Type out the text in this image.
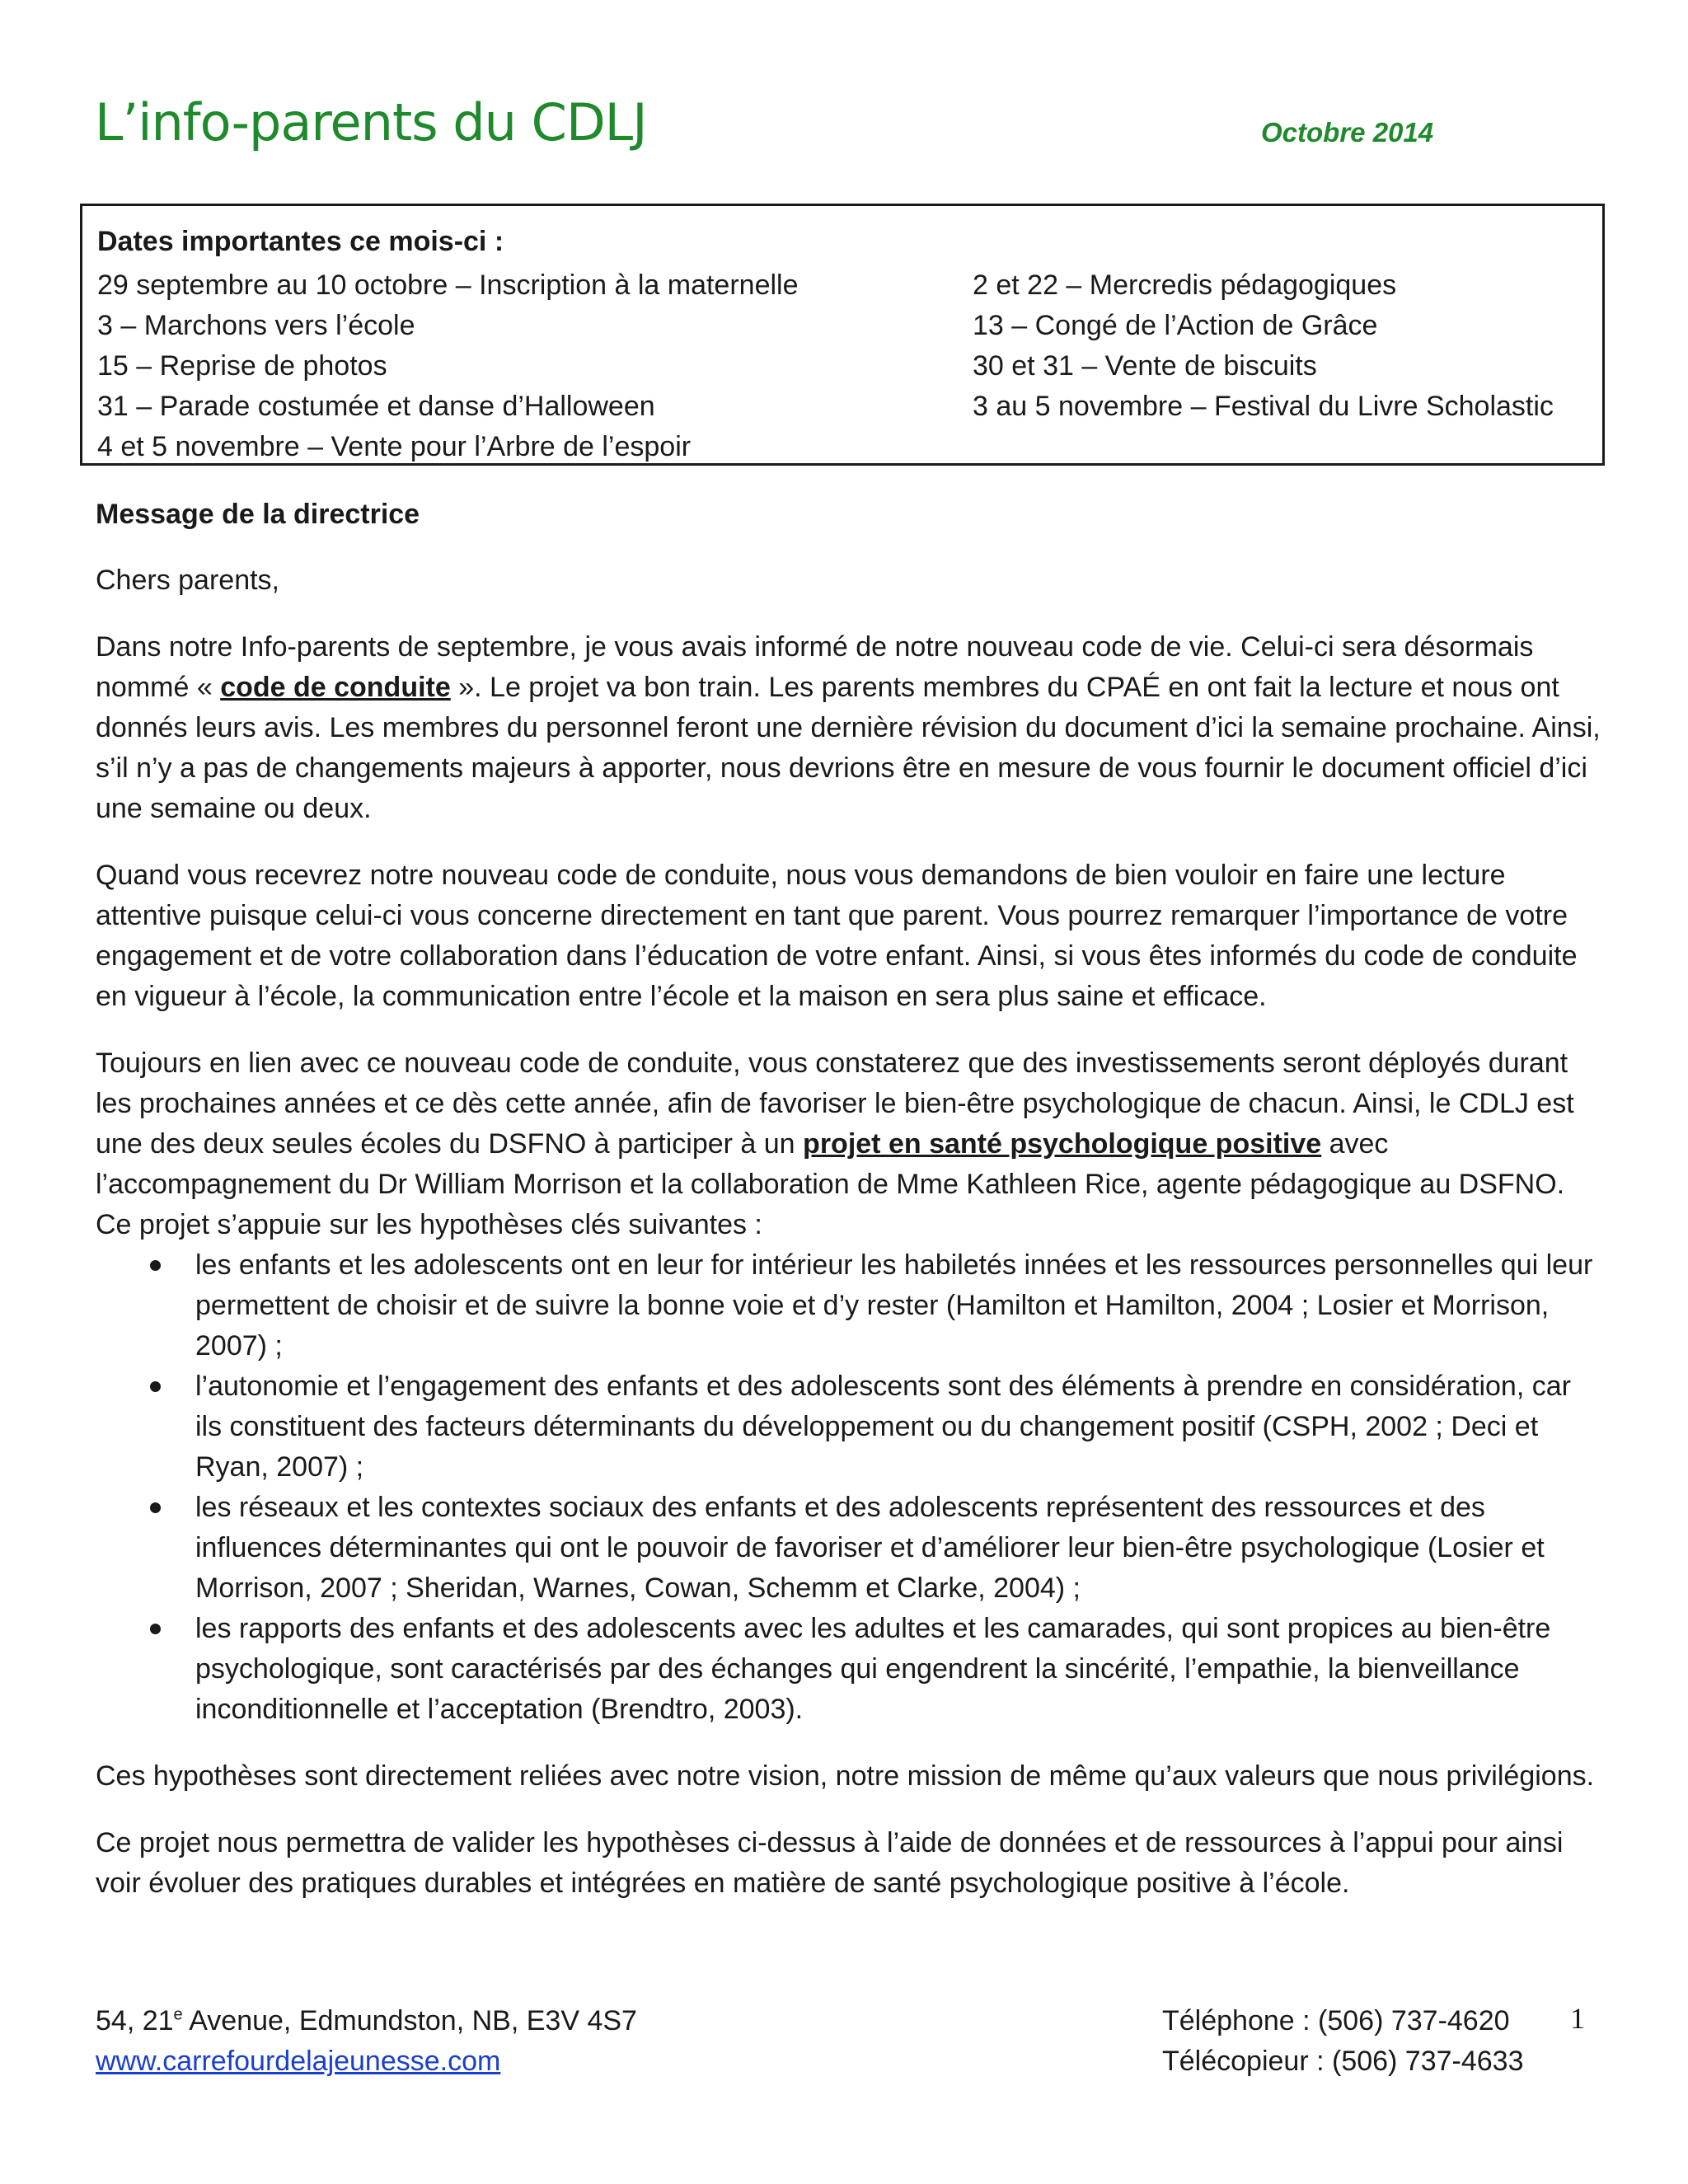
L’info-parents du CDLJ	Octobre 2014
Dates importantes ce mois-ci :
29 septembre au 10 octobre – Inscription à la maternelle
3 – Marchons vers l’école
15 – Reprise de photos
31 – Parade costumée et danse d’Halloween
4 et 5 novembre – Vente pour l’Arbre de l’espoir
2 et 22 – Mercredis pédagogiques
13 – Congé de l’Action de Grâce
30 et 31 – Vente de biscuits
3 au 5 novembre – Festival du Livre Scholastic
Message de la directrice

Chers parents,

Dans notre Info-parents de septembre, je vous avais informé de notre nouveau code de vie. Celui-ci sera désormais nommé « code de conduite ». Le projet va bon train. Les parents membres du CPAÉ en ont fait la lecture et nous ont donnés leurs avis. Les membres du personnel feront une dernière révision du document d’ici la semaine prochaine. Ainsi, s’il n’y a pas de changements majeurs à apporter, nous devrions être en mesure de vous fournir le document officiel d’ici une semaine ou deux.

Quand vous recevrez notre nouveau code de conduite, nous vous demandons de bien vouloir en faire une lecture attentive puisque celui-ci vous concerne directement en tant que parent. Vous pourrez remarquer l’importance de votre engagement et de votre collaboration dans l’éducation de votre enfant. Ainsi, si vous êtes informés du code de conduite en vigueur à l’école, la communication entre l’école et la maison en sera plus saine et efficace.

Toujours en lien avec ce nouveau code de conduite, vous constaterez que des investissements seront déployés durant les prochaines années et ce dès cette année, afin de favoriser le bien-être psychologique de chacun. Ainsi, le CDLJ est une des deux seules écoles du DSFNO à participer à un projet en santé psychologique positive avec l’accompagnement du Dr William Morrison et la collaboration de Mme Kathleen Rice, agente pédagogique au DSFNO. Ce projet s’appuie sur les hypothèses clés suivantes :

les enfants et les adolescents ont en leur for intérieur les habiletés innées et les ressources personnelles qui leur permettent de choisir et de suivre la bonne voie et d’y rester (Hamilton et Hamilton, 2004 ; Losier et Morrison, 2007) ;
l’autonomie et l’engagement des enfants et des adolescents sont des éléments à prendre en considération, car ils constituent des facteurs déterminants du développement ou du changement positif (CSPH, 2002 ; Deci et Ryan, 2007) ;
les réseaux et les contextes sociaux des enfants et des adolescents représentent des ressources et des influences déterminantes qui ont le pouvoir de favoriser et d’améliorer leur bien-être psychologique (Losier et Morrison, 2007 ; Sheridan, Warnes, Cowan, Schemm et Clarke, 2004) ;
les rapports des enfants et des adolescents avec les adultes et les camarades, qui sont propices au bien-être psychologique, sont caractérisés par des échanges qui engendrent la sincérité, l’empathie, la bienveillance inconditionnelle et l’acceptation (Brendtro, 2003).

Ces hypothèses sont directement reliées avec notre vision, notre mission de même qu’aux valeurs que nous privilégions.

Ce projet nous permettra de valider les hypothèses ci-dessus à l’aide de données et de ressources à l’appui pour ainsi voir évoluer des pratiques durables et intégrées en matière de santé psychologique positive à l’école.

54, 21e Avenue, Edmundston, NB, E3V 4S7
www.carrefourdelajeunesse.com
Téléphone : (506) 737-4620
Télécopieur : (506) 737-4633
1
